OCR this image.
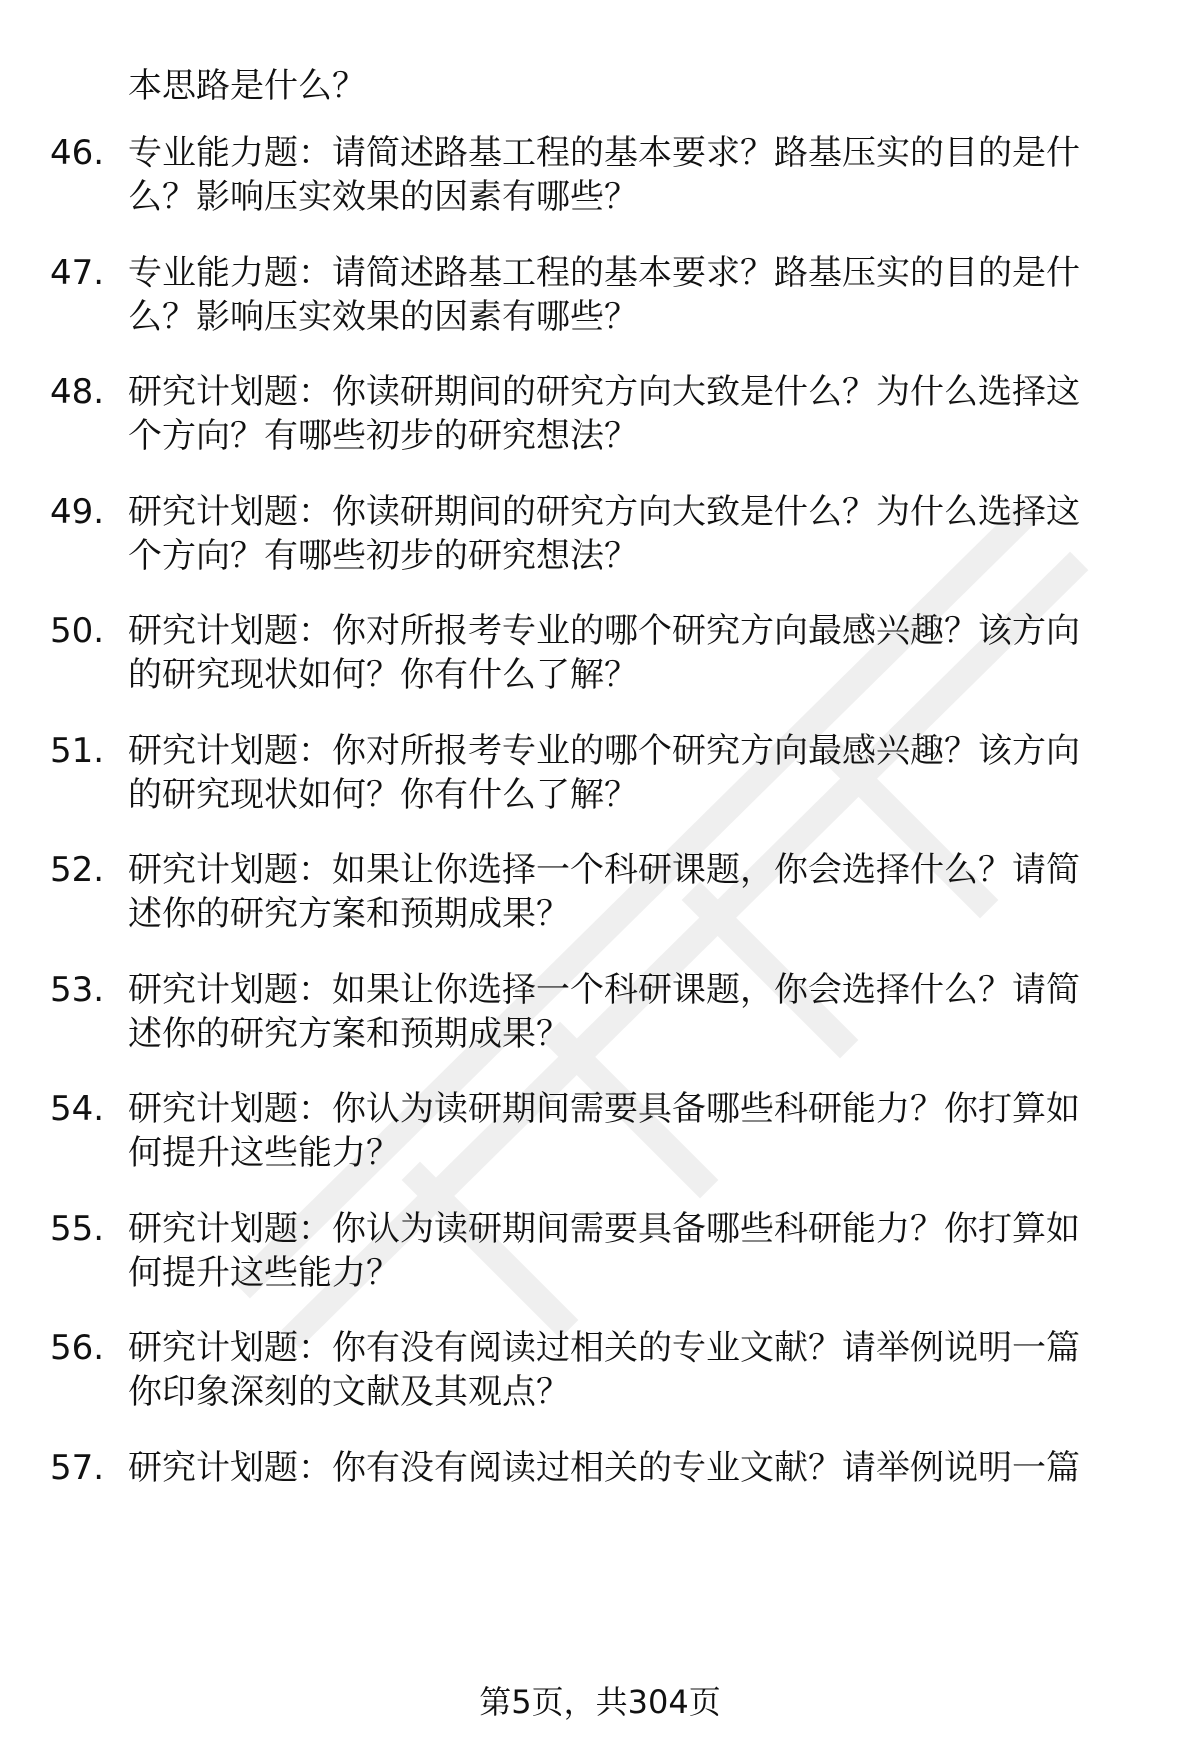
本思路是什么？
46. 专业能力题：请简述路基工程的基本要求？路基压实的目的是什
么？影响压实效果的因素有哪些？
47. 专业能力题：请简述路基工程的基本要求？路基压实的目的是什
么？影响压实效果的因素有哪些？
48. 研究计划题：你读研期间的研究方向大致是什么？为什么选择这
个方向？有哪些初步的研究想法？
49. 研究计划题：你读研期间的研究方向大致是什么？为什么选择这
个方向？有哪些初步的研究想法？
50. 研究计划题：你对所报考专业的哪个研究方向最感兴趣？该方向
的研究现状如何？你有什么了解？
51. 研究计划题：你对所报考专业的哪个研究方向最感兴趣？该方向
的研究现状如何？你有什么了解？
52. 研究计划题：如果让你选择一个科研课题，你会选择什么？请简
述你的研究方案和预期成果？
53. 研究计划题：如果让你选择一个科研课题，你会选择什么？请简
述你的研究方案和预期成果？
54. 研究计划题：你认为读研期间需要具备哪些科研能力？你打算如
何提升这些能力？
55. 研究计划题：你认为读研期间需要具备哪些科研能力？你打算如
何提升这些能力？
56. 研究计划题：你有没有阅读过相关的专业文献？请举例说明一篇
你印象深刻的文献及其观点？
57. 研究计划题：你有没有阅读过相关的专业文献？请举例说明一篇
第5页，共304页
